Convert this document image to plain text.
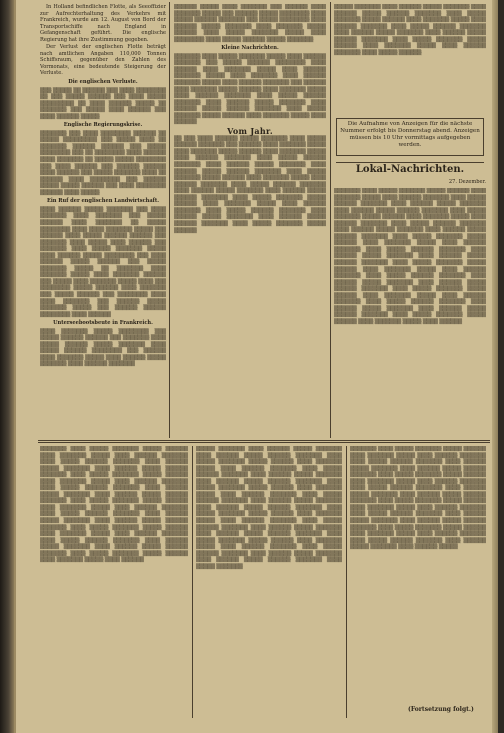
In Holland befindlichen Flotte, als Seeoffizier zur Aufrechterhaltung des Verkehrs mit Frankreich, wurde am 12. August von Bord der Transportschiffe nach England in Gefangenschaft geführt. Die englische Regierung hat ihre Zustimmung gegeben.

Der Verlust der englischen Flotte beträgt nach amtlichen Angaben 110,000 Tonnen Schiffsraum, gegenüber den Zahlen des Vormonats, eine bedeutende Steigerung der Verluste.

Die englischen Verluste.

▒▒▒ ▒▒▒▒▒ ▒▒ ▒▒▒▒▒▒ ▒▒▒ ▒▒▒▒ ▒▒▒▒▒▒▒▒ ▒▒ ▒▒▒ ▒▒▒▒▒ ▒▒▒▒▒▒ ▒▒▒ ▒▒▒▒ ▒▒▒▒▒ ▒▒▒▒▒▒▒▒▒ ▒▒ ▒▒▒▒ ▒▒▒▒▒▒ ▒▒▒▒▒ ▒▒ ▒▒▒▒▒▒▒ ▒▒▒ ▒▒▒▒▒ ▒▒▒▒ ▒▒▒▒▒▒ ▒▒▒ ▒▒▒▒ ▒▒▒▒▒▒ ▒▒▒▒▒

Englische Regierungskrise.

▒▒▒▒▒▒▒ ▒▒▒ ▒▒▒▒ ▒▒▒▒▒▒▒▒ ▒▒▒▒▒▒ ▒▒ ▒▒▒▒▒ ▒▒▒▒▒▒▒▒▒ ▒▒▒ ▒▒▒▒▒ ▒▒▒▒ ▒▒ ▒▒▒▒▒▒▒ ▒▒▒▒▒▒ ▒▒▒▒▒▒ ▒▒▒ ▒▒▒▒▒ ▒▒▒▒▒▒▒▒ ▒▒▒ ▒▒ ▒▒▒▒▒▒▒▒ ▒▒▒▒ ▒▒▒▒▒▒ ▒▒▒▒ ▒▒▒▒▒▒▒ ▒▒ ▒▒▒▒▒ ▒▒▒▒▒ ▒▒▒▒▒▒▒▒ ▒▒▒ ▒▒▒▒ ▒▒▒▒▒▒ ▒▒▒ ▒▒▒▒▒▒ ▒▒▒▒▒▒ ▒▒▒▒ ▒▒▒▒▒▒ ▒▒▒ ▒▒▒▒▒ ▒▒▒▒▒▒▒ ▒▒▒▒ ▒▒ ▒▒▒▒▒▒ ▒▒▒▒ ▒▒▒▒▒▒▒▒ ▒▒▒ ▒▒▒▒▒▒ ▒▒▒▒▒ ▒▒▒▒▒ ▒▒▒▒▒▒ ▒▒▒ ▒▒▒▒ ▒▒▒▒▒▒▒▒ ▒▒▒▒▒▒ ▒▒▒▒ ▒▒▒▒▒

Ein Ruf der englischen Landwirtschaft.

▒▒▒▒ ▒▒▒▒▒▒ ▒▒▒▒▒ ▒▒▒▒▒▒▒ ▒▒▒ ▒▒▒▒ ▒▒▒▒▒▒▒ ▒▒▒▒ ▒▒▒▒▒▒▒ ▒▒▒ ▒▒▒▒▒ ▒▒▒▒▒▒ ▒▒▒▒ ▒▒▒▒▒▒▒ ▒▒ ▒▒▒▒▒ ▒▒▒▒▒▒▒▒ ▒▒▒▒ ▒▒▒▒ ▒▒▒▒▒▒▒ ▒▒▒▒▒ ▒▒▒ ▒▒▒▒▒▒ ▒▒▒▒ ▒▒▒▒▒ ▒▒▒▒▒▒ ▒▒▒▒▒▒ ▒▒▒ ▒▒▒▒▒▒▒ ▒▒▒▒ ▒▒▒▒▒ ▒▒▒▒ ▒▒▒▒▒▒ ▒▒▒ ▒▒▒▒▒▒▒ ▒▒▒▒ ▒▒▒▒▒ ▒▒▒▒▒▒▒ ▒▒▒▒▒ ▒▒▒▒ ▒▒▒▒▒▒ ▒▒▒▒▒ ▒▒▒▒▒▒▒▒ ▒▒▒ ▒▒▒▒ ▒▒▒▒▒▒ ▒▒▒▒▒ ▒▒▒▒▒▒ ▒▒▒ ▒▒▒▒▒ ▒▒▒▒▒▒▒ ▒▒▒▒▒ ▒▒ ▒▒▒▒▒▒▒ ▒▒▒▒ ▒▒▒▒▒▒▒ ▒▒▒▒▒ ▒▒▒▒ ▒▒▒▒▒▒▒ ▒▒▒▒▒▒ ▒▒▒ ▒▒▒▒▒ ▒▒▒▒ ▒▒▒▒▒▒▒ ▒▒▒▒▒ ▒▒▒▒ ▒▒▒ ▒▒▒▒▒▒▒▒ ▒▒▒▒▒ ▒▒▒▒▒▒ ▒▒▒▒ ▒▒▒▒▒▒▒ ▒▒▒ ▒▒▒▒▒ ▒▒▒▒▒▒ ▒▒▒ ▒▒▒▒▒▒▒▒ ▒▒▒▒ ▒▒▒▒ ▒▒▒▒▒▒▒ ▒▒▒ ▒▒▒▒▒▒ ▒▒▒▒▒ ▒▒▒▒▒▒▒ ▒▒▒▒▒ ▒▒▒ ▒▒▒▒▒▒ ▒▒▒▒▒▒ ▒▒▒▒▒▒▒▒ ▒▒▒▒ ▒▒▒▒▒▒

Unterseebootsbeute in Frankreich.

▒▒▒▒ ▒▒▒▒▒▒▒ ▒▒▒▒▒ ▒▒▒▒▒▒▒▒ ▒▒▒ ▒▒▒▒▒ ▒▒▒▒▒▒ ▒▒▒▒▒▒ ▒▒▒ ▒▒▒▒▒▒▒ ▒▒▒▒ ▒▒▒▒▒ ▒▒▒▒▒▒ ▒▒▒▒▒ ▒▒▒▒▒▒▒ ▒▒▒▒ ▒▒▒▒▒ ▒▒▒▒▒▒ ▒▒▒▒▒▒▒▒ ▒▒▒ ▒▒▒▒▒▒ ▒▒▒▒ ▒▒▒▒▒▒▒ ▒▒▒▒▒ ▒▒▒▒ ▒▒▒▒▒▒ ▒▒▒▒▒ ▒▒▒▒▒▒▒ ▒▒▒▒ ▒▒▒▒▒▒ ▒▒▒▒▒▒▒
▒▒▒▒▒▒ ▒▒▒▒▒ ▒▒▒▒ ▒▒▒▒▒▒▒ ▒▒▒ ▒▒▒▒▒▒ ▒▒▒▒ ▒▒▒▒▒▒▒ ▒▒▒▒▒ ▒▒▒ ▒▒▒▒▒▒ ▒▒▒▒▒ ▒▒▒▒▒▒▒▒ ▒▒▒▒ ▒▒▒▒▒ ▒▒▒▒▒▒ ▒▒▒▒▒▒▒ ▒▒▒ ▒▒▒▒▒ ▒▒▒▒▒▒▒▒ ▒▒▒▒ ▒▒▒▒▒▒ ▒▒▒▒▒ ▒▒▒▒▒▒▒ ▒▒▒▒ ▒▒▒▒▒▒▒ ▒▒▒▒▒ ▒▒▒▒▒▒ ▒▒▒▒ ▒▒▒▒▒ ▒▒▒▒▒▒▒ ▒▒▒▒▒ ▒▒▒▒ ▒▒▒▒▒▒▒▒ ▒▒▒▒ ▒▒▒▒▒ ▒▒▒▒▒▒ ▒▒▒▒▒ ▒▒▒▒▒▒▒

Kleine Nachrichten.

▒▒▒▒▒▒▒ ▒▒▒▒ ▒▒▒▒▒ ▒▒▒▒▒▒▒ ▒▒▒▒▒ ▒▒▒▒ ▒▒▒▒▒▒ ▒▒▒▒▒▒▒ ▒▒▒ ▒▒▒▒▒ ▒▒▒▒▒▒ ▒▒▒▒▒▒▒▒ ▒▒▒▒ ▒▒▒▒▒▒ ▒▒▒▒ ▒▒▒▒▒▒▒ ▒▒▒▒▒ ▒▒▒▒ ▒▒▒▒▒▒ ▒▒▒▒▒▒▒ ▒▒▒▒▒ ▒▒▒▒ ▒▒▒▒▒▒▒ ▒▒▒▒ ▒▒▒▒▒▒ ▒▒▒▒▒▒▒ ▒▒▒▒▒ ▒▒▒▒ ▒▒▒▒▒▒ ▒▒▒▒▒▒▒ ▒▒▒ ▒▒▒▒▒▒ ▒▒▒▒ ▒▒▒▒▒▒▒ ▒▒▒▒▒ ▒▒▒▒▒▒ ▒▒▒▒ ▒▒▒▒▒▒▒ ▒▒▒▒▒ ▒▒▒▒ ▒▒▒▒▒▒ ▒▒▒▒▒▒▒ ▒▒▒▒ ▒▒▒▒▒ ▒▒▒▒▒▒ ▒▒▒▒▒▒▒ ▒▒▒▒ ▒▒▒▒▒▒ ▒▒▒▒▒ ▒▒▒▒▒▒▒ ▒▒▒▒ ▒▒▒▒▒▒ ▒▒▒▒▒ ▒▒▒▒▒▒ ▒▒▒▒▒▒▒ ▒▒▒▒ ▒▒▒▒▒ ▒▒▒▒▒▒▒ ▒▒▒▒▒ ▒▒▒▒▒▒ ▒▒▒▒ ▒▒▒▒▒▒▒ ▒▒▒▒▒ ▒▒▒▒ ▒▒▒▒▒▒
Vom Jahr.
▒▒ ▒▒▒ ▒▒▒▒ ▒▒▒▒▒▒ ▒▒▒▒▒ ▒▒▒▒▒▒▒ ▒▒▒▒ ▒▒▒▒▒ ▒▒▒▒▒▒ ▒▒▒▒▒▒▒ ▒▒▒ ▒▒▒▒▒▒ ▒▒▒▒ ▒▒▒▒▒▒▒ ▒▒▒▒▒ ▒▒▒▒ ▒▒▒▒▒▒▒ ▒▒▒▒▒ ▒▒▒▒▒▒ ▒▒▒▒ ▒▒▒▒▒▒▒ ▒▒▒▒▒ ▒▒▒▒ ▒▒▒▒▒▒ ▒▒▒▒▒▒▒ ▒▒▒▒ ▒▒▒▒▒ ▒▒▒▒▒▒ ▒▒▒▒▒▒▒ ▒▒▒▒ ▒▒▒▒▒▒ ▒▒▒▒▒ ▒▒▒▒▒▒▒ ▒▒▒▒ ▒▒▒▒▒▒ ▒▒▒▒▒ ▒▒▒▒▒▒ ▒▒▒▒▒▒▒ ▒▒▒▒ ▒▒▒▒▒ ▒▒▒▒▒▒▒ ▒▒▒▒▒ ▒▒▒▒▒▒ ▒▒▒▒ ▒▒▒▒▒▒▒ ▒▒▒▒▒ ▒▒▒▒ ▒▒▒▒▒▒ ▒▒▒▒▒▒▒ ▒▒▒▒ ▒▒▒▒▒ ▒▒▒▒▒▒ ▒▒▒▒▒▒▒ ▒▒▒▒ ▒▒▒▒▒▒ ▒▒▒▒▒ ▒▒▒▒▒▒▒ ▒▒▒▒ ▒▒▒▒▒▒ ▒▒▒▒▒ ▒▒▒▒▒▒ ▒▒▒▒▒▒▒ ▒▒▒▒ ▒▒▒▒▒ ▒▒▒▒▒▒▒ ▒▒▒▒▒ ▒▒▒▒▒▒ ▒▒▒▒ ▒▒▒▒▒▒▒ ▒▒▒▒▒ ▒▒▒▒ ▒▒▒▒▒▒ ▒▒▒▒▒▒▒ ▒▒▒▒ ▒▒▒▒▒ ▒▒▒▒▒▒ ▒▒▒▒▒▒▒ ▒▒▒▒ ▒▒▒▒▒▒ ▒▒▒▒▒ ▒▒▒▒▒▒▒ ▒▒▒▒ ▒▒▒▒▒▒ ▒▒▒▒▒ ▒▒▒▒▒▒ ▒▒▒▒▒▒▒ ▒▒▒▒ ▒▒▒▒▒ ▒▒▒▒▒▒▒ ▒▒▒▒▒ ▒▒▒▒▒▒
▒▒▒▒▒ ▒▒▒▒▒▒▒ ▒▒▒▒ ▒▒▒▒▒▒ ▒▒▒▒▒ ▒▒▒▒▒▒▒ ▒▒▒▒ ▒▒▒▒▒▒ ▒▒▒▒▒ ▒▒▒▒▒▒ ▒▒▒▒▒▒▒ ▒▒▒▒ ▒▒▒▒▒ ▒▒▒▒▒▒▒ ▒▒▒▒▒ ▒▒▒▒▒▒ ▒▒▒▒ ▒▒▒▒▒▒▒ ▒▒▒▒▒ ▒▒▒▒ ▒▒▒▒▒▒ ▒▒▒▒▒▒▒ ▒▒▒▒ ▒▒▒▒▒ ▒▒▒▒▒▒ ▒▒▒▒▒▒▒ ▒▒▒▒ ▒▒▒▒▒▒ ▒▒▒▒▒ ▒▒▒▒▒▒▒ ▒▒▒▒ ▒▒▒▒▒▒ ▒▒▒▒▒ ▒▒▒▒▒▒ ▒▒▒▒▒▒▒ ▒▒▒▒ ▒▒▒▒▒ ▒▒▒▒▒▒▒ ▒▒▒▒▒ ▒▒▒▒▒▒ ▒▒▒▒ ▒▒▒▒▒▒▒ ▒▒▒▒▒ ▒▒▒▒ ▒▒▒▒▒▒ ▒▒▒▒▒▒▒ ▒▒▒▒ ▒▒▒▒▒ ▒▒▒▒▒▒
Die Aufnahme von Anzeigen für die nächste Nummer erfolgt bis Donnerstag abend. Anzeigen müssen bis 10 Uhr vormittags aufgegeben werden.
Lokal-Nachrichten.
27. Dezember.
▒▒▒▒▒▒▒ ▒▒▒▒ ▒▒▒▒▒ ▒▒▒▒▒▒▒ ▒▒▒▒▒ ▒▒▒▒▒▒ ▒▒▒▒ ▒▒▒▒▒▒▒ ▒▒▒▒▒ ▒▒▒▒ ▒▒▒▒▒▒ ▒▒▒▒▒▒▒ ▒▒▒▒ ▒▒▒▒▒ ▒▒▒▒▒▒ ▒▒▒▒▒▒▒ ▒▒▒▒ ▒▒▒▒▒▒ ▒▒▒▒▒ ▒▒▒▒▒▒▒ ▒▒▒▒ ▒▒▒▒▒▒ ▒▒▒▒▒ ▒▒▒▒▒▒ ▒▒▒▒▒▒▒ ▒▒▒▒ ▒▒▒▒▒ ▒▒▒▒▒▒▒ ▒▒▒▒▒ ▒▒▒▒▒▒ ▒▒▒▒ ▒▒▒▒▒▒▒ ▒▒▒▒▒ ▒▒▒▒ ▒▒▒▒▒▒ ▒▒▒▒▒▒▒ ▒▒▒▒ ▒▒▒▒▒ ▒▒▒▒▒▒ ▒▒▒▒▒▒▒ ▒▒▒▒ ▒▒▒▒▒▒ ▒▒▒▒▒ ▒▒▒▒▒▒▒ ▒▒▒▒ ▒▒▒▒▒▒ ▒▒▒▒▒ ▒▒▒▒▒▒ ▒▒▒▒▒▒▒ ▒▒▒▒ ▒▒▒▒▒ ▒▒▒▒▒▒▒ ▒▒▒▒▒ ▒▒▒▒▒▒ ▒▒▒▒ ▒▒▒▒▒▒▒ ▒▒▒▒▒ ▒▒▒▒ ▒▒▒▒▒▒ ▒▒▒▒▒▒▒ ▒▒▒▒ ▒▒▒▒▒ ▒▒▒▒▒▒ ▒▒▒▒▒▒▒ ▒▒▒▒ ▒▒▒▒▒▒ ▒▒▒▒▒ ▒▒▒▒▒▒▒ ▒▒▒▒ ▒▒▒▒▒▒ ▒▒▒▒▒ ▒▒▒▒▒▒ ▒▒▒▒▒▒▒ ▒▒▒▒ ▒▒▒▒▒ ▒▒▒▒▒▒▒ ▒▒▒▒▒ ▒▒▒▒▒▒ ▒▒▒▒ ▒▒▒▒▒▒▒ ▒▒▒▒▒ ▒▒▒▒ ▒▒▒▒▒▒ ▒▒▒▒▒▒▒ ▒▒▒▒ ▒▒▒▒▒ ▒▒▒▒▒▒ ▒▒▒▒▒▒▒ ▒▒▒▒ ▒▒▒▒▒▒ ▒▒▒▒▒ ▒▒▒▒▒▒▒ ▒▒▒▒ ▒▒▒▒▒▒ ▒▒▒▒▒ ▒▒▒▒▒▒ ▒▒▒▒▒▒▒ ▒▒▒▒ ▒▒▒▒▒ ▒▒▒▒▒▒▒ ▒▒▒▒▒ ▒▒▒▒▒▒ ▒▒▒▒ ▒▒▒▒▒▒▒ ▒▒▒▒▒ ▒▒▒▒ ▒▒▒▒▒▒ ▒▒▒▒▒▒▒ ▒▒▒▒ ▒▒▒▒▒ ▒▒▒▒▒▒ ▒▒▒▒▒▒▒ ▒▒▒▒ ▒▒▒▒▒▒ ▒▒▒▒▒ ▒▒▒▒▒▒▒ ▒▒▒▒ ▒▒▒▒▒▒ ▒▒▒▒▒ ▒▒▒▒▒▒ ▒▒▒▒▒▒▒ ▒▒▒▒ ▒▒▒▒▒ ▒▒▒▒▒▒▒ ▒▒▒▒▒ ▒▒▒▒▒▒ ▒▒▒▒ ▒▒▒▒▒▒▒ ▒▒▒▒▒ ▒▒▒▒ ▒▒▒▒▒▒
▒▒▒▒▒▒▒ ▒▒▒▒ ▒▒▒▒▒ ▒▒▒▒▒▒▒ ▒▒▒▒▒ ▒▒▒▒▒▒ ▒▒▒▒ ▒▒▒▒▒▒▒ ▒▒▒▒▒ ▒▒▒▒ ▒▒▒▒▒▒ ▒▒▒▒▒▒▒ ▒▒▒▒ ▒▒▒▒▒ ▒▒▒▒▒▒ ▒▒▒▒▒▒▒ ▒▒▒▒ ▒▒▒▒▒▒ ▒▒▒▒▒ ▒▒▒▒▒▒▒ ▒▒▒▒ ▒▒▒▒▒▒ ▒▒▒▒▒ ▒▒▒▒▒▒ ▒▒▒▒▒▒▒ ▒▒▒▒ ▒▒▒▒▒ ▒▒▒▒▒▒▒ ▒▒▒▒▒ ▒▒▒▒▒▒ ▒▒▒▒ ▒▒▒▒▒▒▒ ▒▒▒▒▒ ▒▒▒▒ ▒▒▒▒▒▒ ▒▒▒▒▒▒▒ ▒▒▒▒ ▒▒▒▒▒ ▒▒▒▒▒▒ ▒▒▒▒▒▒▒ ▒▒▒▒ ▒▒▒▒▒▒ ▒▒▒▒▒ ▒▒▒▒▒▒▒ ▒▒▒▒ ▒▒▒▒▒▒ ▒▒▒▒▒ ▒▒▒▒▒▒ ▒▒▒▒▒▒▒ ▒▒▒▒ ▒▒▒▒▒ ▒▒▒▒▒▒▒ ▒▒▒▒▒ ▒▒▒▒▒▒ ▒▒▒▒ ▒▒▒▒▒▒▒ ▒▒▒▒▒ ▒▒▒▒ ▒▒▒▒▒▒ ▒▒▒▒▒▒▒ ▒▒▒▒ ▒▒▒▒▒ ▒▒▒▒▒▒ ▒▒▒▒▒▒▒ ▒▒▒▒ ▒▒▒▒▒▒ ▒▒▒▒▒ ▒▒▒▒▒▒▒ ▒▒▒▒ ▒▒▒▒▒▒ ▒▒▒▒▒ ▒▒▒▒▒▒ ▒▒▒▒▒▒▒ ▒▒▒▒ ▒▒▒▒▒ ▒▒▒▒▒▒▒ ▒▒▒▒▒ ▒▒▒▒▒▒ ▒▒▒▒ ▒▒▒▒▒▒▒ ▒▒▒▒▒ ▒▒▒▒ ▒▒▒▒▒▒ ▒▒▒▒▒▒▒ ▒▒▒▒ ▒▒▒▒▒ ▒▒▒▒▒▒ ▒▒▒▒▒▒▒ ▒▒▒▒ ▒▒▒▒▒▒ ▒▒▒▒▒ ▒▒▒▒▒▒▒ ▒▒▒▒ ▒▒▒▒▒▒ ▒▒▒▒▒ ▒▒▒▒▒▒ ▒▒▒▒▒▒▒ ▒▒▒▒ ▒▒▒▒▒ ▒▒▒▒▒▒▒ ▒▒▒▒▒ ▒▒▒▒▒▒ ▒▒▒▒ ▒▒▒▒▒▒▒ ▒▒▒▒▒ ▒▒▒▒ ▒▒▒▒▒▒
▒▒▒▒▒ ▒▒▒▒▒▒▒ ▒▒▒▒ ▒▒▒▒▒▒ ▒▒▒▒▒ ▒▒▒▒▒▒▒ ▒▒▒▒ ▒▒▒▒▒▒ ▒▒▒▒▒ ▒▒▒▒▒▒ ▒▒▒▒▒▒▒ ▒▒▒▒ ▒▒▒▒▒ ▒▒▒▒▒▒▒ ▒▒▒▒▒ ▒▒▒▒▒▒ ▒▒▒▒ ▒▒▒▒▒▒▒ ▒▒▒▒▒ ▒▒▒▒ ▒▒▒▒▒▒ ▒▒▒▒▒▒▒ ▒▒▒▒ ▒▒▒▒▒ ▒▒▒▒▒▒ ▒▒▒▒▒▒▒ ▒▒▒▒ ▒▒▒▒▒▒ ▒▒▒▒▒ ▒▒▒▒▒▒▒ ▒▒▒▒ ▒▒▒▒▒▒ ▒▒▒▒▒ ▒▒▒▒▒▒ ▒▒▒▒▒▒▒ ▒▒▒▒ ▒▒▒▒▒ ▒▒▒▒▒▒▒ ▒▒▒▒▒ ▒▒▒▒▒▒ ▒▒▒▒ ▒▒▒▒▒▒▒ ▒▒▒▒▒ ▒▒▒▒ ▒▒▒▒▒▒ ▒▒▒▒▒▒▒ ▒▒▒▒ ▒▒▒▒▒ ▒▒▒▒▒▒ ▒▒▒▒▒▒▒ ▒▒▒▒ ▒▒▒▒▒▒ ▒▒▒▒▒ ▒▒▒▒▒▒▒ ▒▒▒▒ ▒▒▒▒▒▒ ▒▒▒▒▒ ▒▒▒▒▒▒ ▒▒▒▒▒▒▒ ▒▒▒▒ ▒▒▒▒▒ ▒▒▒▒▒▒▒ ▒▒▒▒▒ ▒▒▒▒▒▒ ▒▒▒▒ ▒▒▒▒▒▒▒ ▒▒▒▒▒ ▒▒▒▒ ▒▒▒▒▒▒ ▒▒▒▒▒▒▒ ▒▒▒▒ ▒▒▒▒▒ ▒▒▒▒▒▒ ▒▒▒▒▒▒▒ ▒▒▒▒ ▒▒▒▒▒▒ ▒▒▒▒▒ ▒▒▒▒▒▒▒ ▒▒▒▒ ▒▒▒▒▒▒ ▒▒▒▒▒ ▒▒▒▒▒▒ ▒▒▒▒▒▒▒ ▒▒▒▒ ▒▒▒▒▒ ▒▒▒▒▒▒▒ ▒▒▒▒▒ ▒▒▒▒▒▒ ▒▒▒▒ ▒▒▒▒▒▒▒ ▒▒▒▒▒ ▒▒▒▒ ▒▒▒▒▒▒ ▒▒▒▒▒▒▒ ▒▒▒▒ ▒▒▒▒▒ ▒▒▒▒▒▒ ▒▒▒▒▒▒▒ ▒▒▒▒ ▒▒▒▒▒▒ ▒▒▒▒▒ ▒▒▒▒▒▒▒ ▒▒▒▒ ▒▒▒▒▒▒ ▒▒▒▒▒ ▒▒▒▒▒▒ ▒▒▒▒▒▒▒ ▒▒▒▒ ▒▒▒▒▒ ▒▒▒▒▒▒▒
▒▒▒▒▒▒▒ ▒▒▒▒ ▒▒▒▒▒ ▒▒▒▒▒▒▒ ▒▒▒▒▒ ▒▒▒▒▒▒ ▒▒▒▒ ▒▒▒▒▒▒▒ ▒▒▒▒▒ ▒▒▒▒ ▒▒▒▒▒▒ ▒▒▒▒▒▒▒ ▒▒▒▒ ▒▒▒▒▒ ▒▒▒▒▒▒ ▒▒▒▒▒▒▒ ▒▒▒▒ ▒▒▒▒▒▒ ▒▒▒▒▒ ▒▒▒▒▒▒▒ ▒▒▒▒ ▒▒▒▒▒▒ ▒▒▒▒▒ ▒▒▒▒▒▒ ▒▒▒▒▒▒▒ ▒▒▒▒ ▒▒▒▒▒ ▒▒▒▒▒▒▒ ▒▒▒▒▒ ▒▒▒▒▒▒ ▒▒▒▒ ▒▒▒▒▒▒▒ ▒▒▒▒▒ ▒▒▒▒ ▒▒▒▒▒▒ ▒▒▒▒▒▒▒ ▒▒▒▒ ▒▒▒▒▒ ▒▒▒▒▒▒ ▒▒▒▒▒▒▒ ▒▒▒▒ ▒▒▒▒▒▒ ▒▒▒▒▒ ▒▒▒▒▒▒▒ ▒▒▒▒ ▒▒▒▒▒▒ ▒▒▒▒▒ ▒▒▒▒▒▒ ▒▒▒▒▒▒▒ ▒▒▒▒ ▒▒▒▒▒ ▒▒▒▒▒▒▒ ▒▒▒▒▒ ▒▒▒▒▒▒ ▒▒▒▒ ▒▒▒▒▒▒▒ ▒▒▒▒▒ ▒▒▒▒ ▒▒▒▒▒▒ ▒▒▒▒▒▒▒ ▒▒▒▒ ▒▒▒▒▒ ▒▒▒▒▒▒ ▒▒▒▒▒▒▒ ▒▒▒▒ ▒▒▒▒▒▒ ▒▒▒▒▒ ▒▒▒▒▒▒▒ ▒▒▒▒ ▒▒▒▒▒▒ ▒▒▒▒▒ ▒▒▒▒▒▒ ▒▒▒▒▒▒▒ ▒▒▒▒ ▒▒▒▒▒ ▒▒▒▒▒▒▒ ▒▒▒▒▒ ▒▒▒▒▒▒ ▒▒▒▒ ▒▒▒▒▒▒▒ ▒▒▒▒▒ ▒▒▒▒ ▒▒▒▒▒▒ ▒▒▒▒▒▒▒ ▒▒▒▒ ▒▒▒▒▒ ▒▒▒▒▒▒ ▒▒▒▒▒▒▒ ▒▒▒▒ ▒▒▒▒▒▒ ▒▒▒▒▒ ▒▒▒▒▒▒▒ ▒▒▒▒ ▒▒▒▒▒▒ ▒▒▒▒▒
(Fortsetzung folgt.)
